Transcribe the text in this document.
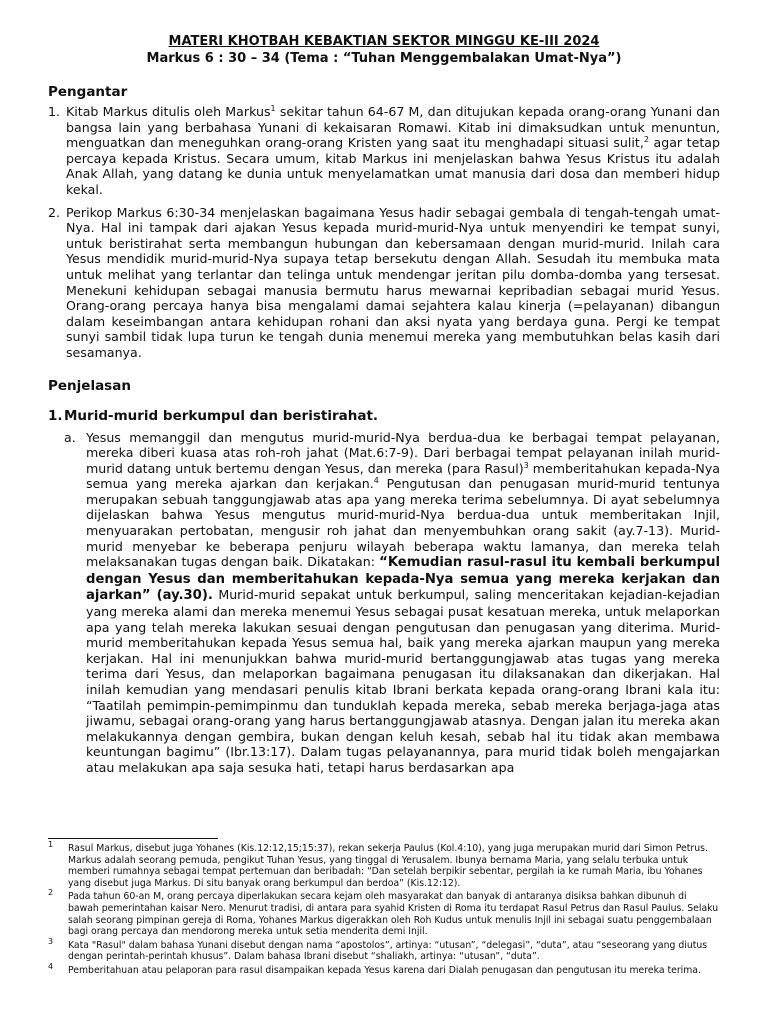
MATERI KHOTBAH KEBAKTIAN SEKTOR MINGGU KE-III 2024
Markus 6 : 30 – 34 (Tema : “Tuhan Menggembalakan Umat-Nya”)
Pengantar
1. Kitab Markus ditulis oleh Markus$^1$ sekitar tahun 64-67 M, dan ditujukan kepada orang-orang Yunani dan bangsa lain yang berbahasa Yunani di kekaisaran Romawi. Kitab ini dimaksudkan untuk menuntun, menguatkan dan meneguhkan orang-orang Kristen yang saat itu menghadapi situasi sulit,$^2$ agar tetap percaya kepada Kristus. Secara umum, kitab Markus ini menjelaskan bahwa Yesus Kristus itu adalah Anak Allah, yang datang ke dunia untuk menyelamatkan umat manusia dari dosa dan memberi hidup kekal.
2. Perikop Markus 6:30-34 menjelaskan bagaimana Yesus hadir sebagai gembala di tengah-tengah umat-Nya. Hal ini tampak dari ajakan Yesus kepada murid-murid-Nya untuk menyendiri ke tempat sunyi, untuk beristirahat serta membangun hubungan dan kebersamaan dengan murid-murid. Inilah cara Yesus mendidik murid-murid-Nya supaya tetap bersekutu dengan Allah. Sesudah itu membuka mata untuk melihat yang terlantar dan telinga untuk mendengar jeritan pilu domba-domba yang tersesat. Menekuni kehidupan sebagai manusia bermutu harus mewarnai kepribadian sebagai murid Yesus. Orang-orang percaya hanya bisa mengalami damai sejahtera kalau kinerja (=pelayanan) dibangun dalam keseimbangan antara kehidupan rohani dan aksi nyata yang berdaya guna. Pergi ke tempat sunyi sambil tidak lupa turun ke tengah dunia menemui mereka yang membutuhkan belas kasih dari sesamanya.
Penjelasan
1.Murid-murid berkumpul dan beristirahat.
a. Yesus memanggil dan mengutus murid-murid-Nya berdua-dua ke berbagai tempat pelayanan, mereka diberi kuasa atas roh-roh jahat (Mat.6:7-9). Dari berbagai tempat pelayanan inilah murid-murid datang untuk bertemu dengan Yesus, dan mereka (para Rasul)$^3$ memberitahukan kepada-Nya semua yang mereka ajarkan dan kerjakan.$^4$ Pengutusan dan penugasan murid-murid tentunya merupakan sebuah tanggungjawab atas apa yang mereka terima sebelumnya. Di ayat sebelumnya dijelaskan bahwa Yesus mengutus murid-murid-Nya berdua-dua untuk memberitakan Injil, menyuarakan pertobatan, mengusir roh jahat dan menyembuhkan orang sakit (ay.7-13). Murid-murid menyebar ke beberapa penjuru wilayah beberapa waktu lamanya, dan mereka telah melaksanakan tugas dengan baik. Dikatakan: “Kemudian rasul-rasul itu kembali berkumpul dengan Yesus dan memberitahukan kepada-Nya semua yang mereka kerjakan dan ajarkan” (ay.30). Murid-murid sepakat untuk berkumpul, saling menceritakan kejadian-kejadian yang mereka alami dan mereka menemui Yesus sebagai pusat kesatuan mereka, untuk melaporkan apa yang telah mereka lakukan sesuai dengan pengutusan dan penugasan yang diterima. Murid-murid memberitahukan kepada Yesus semua hal, baik yang mereka ajarkan maupun yang mereka kerjakan. Hal ini menunjukkan bahwa murid-murid bertanggungjawab atas tugas yang mereka terima dari Yesus, dan melaporkan bagaimana penugasan itu dilaksanakan dan dikerjakan. Hal inilah kemudian yang mendasari penulis kitab Ibrani berkata kepada orang-orang Ibrani kala itu: “Taatilah pemimpin-pemimpinmu dan tunduklah kepada mereka, sebab mereka berjaga-jaga atas jiwamu, sebagai orang-orang yang harus bertanggungjawab atasnya. Dengan jalan itu mereka akan melakukannya dengan gembira, bukan dengan keluh kesah, sebab hal itu tidak akan membawa keuntungan bagimu” (Ibr.13:17). Dalam tugas pelayanannya, para murid tidak boleh mengajarkan atau melakukan apa saja sesuka hati, tetapi harus berdasarkan apa
$^1$	Rasul Markus, disebut juga Yohanes (Kis.12:12,15;15:37), rekan sekerja Paulus (Kol.4:10), yang juga merupakan murid dari Simon Petrus. Markus adalah seorang pemuda, pengikut Tuhan Yesus, yang tinggal di Yerusalem. Ibunya bernama Maria, yang selalu terbuka untuk memberi rumahnya sebagai tempat pertemuan dan beribadah: “Dan setelah berpikir sebentar, pergilah ia ke rumah Maria, ibu Yohanes yang disebut juga Markus. Di situ banyak orang berkumpul dan berdoa” (Kis.12:12).
$^2$	Pada tahun 60-an M, orang percaya diperlakukan secara kejam oleh masyarakat dan banyak di antaranya disiksa bahkan dibunuh di bawah pemerintahan kaisar Nero. Menurut tradisi, di antara para syahid Kristen di Roma itu terdapat Rasul Petrus dan Rasul Paulus. Selaku salah seorang pimpinan gereja di Roma, Yohanes Markus digerakkan oleh Roh Kudus untuk menulis Injil ini sebagai suatu penggembalaan bagi orang percaya dan mendorong mereka untuk setia menderita demi Injil.
$^3$	Kata "Rasul" dalam bahasa Yunani disebut dengan nama “apostolos”, artinya: “utusan”, “delegasi”, “duta”, atau “seseorang yang diutus dengan perintah-perintah khusus”. Dalam bahasa Ibrani disebut “shaliakh, artinya: “utusan”, “duta”.
$^4$	Pemberitahuan atau pelaporan para rasul disampaikan kepada Yesus karena dari Dialah penugasan dan pengutusan itu mereka terima.
